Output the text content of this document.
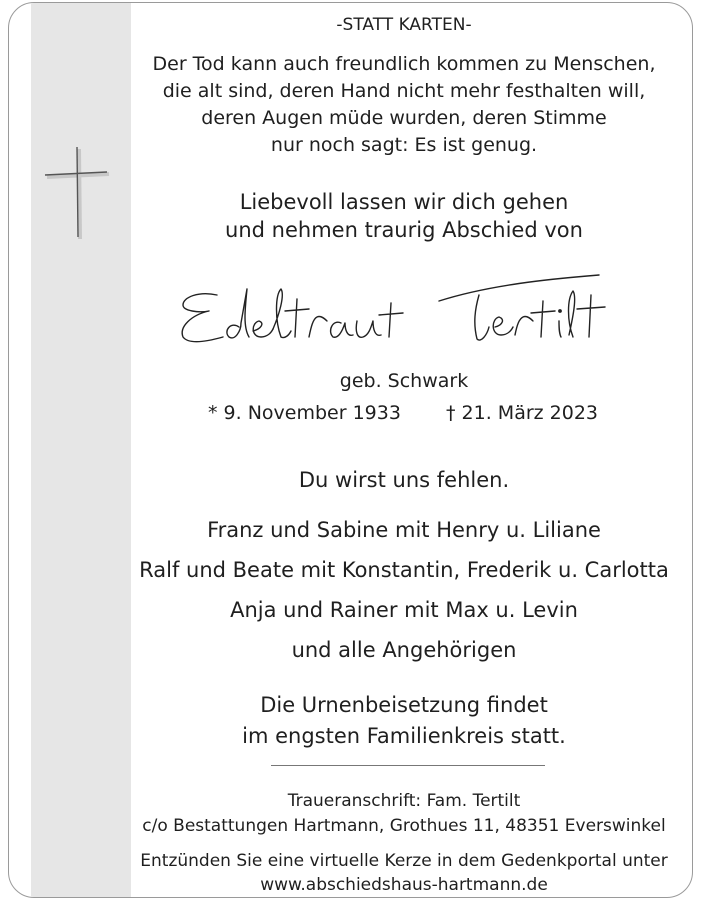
-STATT KARTEN-
Der Tod kann auch freundlich kommen zu Menschen,
die alt sind, deren Hand nicht mehr festhalten will,
deren Augen müde wurden, deren Stimme
nur noch sagt: Es ist genug.
Liebevoll lassen wir dich gehen
und nehmen traurig Abschied von
geb. Schwark
* 9. November 1933 † 21. März 2023
Du wirst uns fehlen.
Franz und Sabine mit Henry u. Liliane
Ralf und Beate mit Konstantin, Frederik u. Carlotta
Anja und Rainer mit Max u. Levin
und alle Angehörigen
Die Urnenbeisetzung findet
im engsten Familienkreis statt.
Traueranschrift: Fam. Tertilt
c/o Bestattungen Hartmann, Grothues 11, 48351 Everswinkel
Entzünden Sie eine virtuelle Kerze in dem Gedenkportal unter
www.abschiedshaus-hartmann.de
